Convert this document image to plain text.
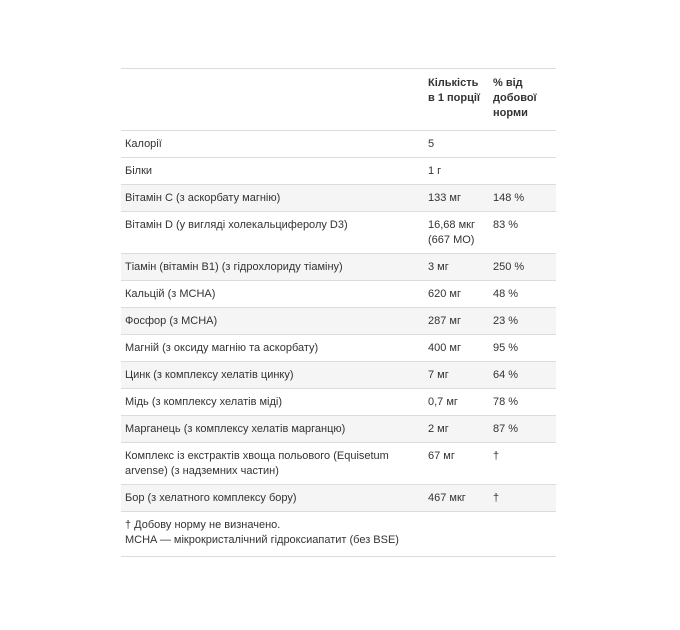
	Кількість в 1 порції	% від добової норми
Калорії	5	
Білки	1 г	
Вітамін C (з аскорбату магнію)	133 мг	148 %
Вітамін D (у вигляді холекальциферолу D3)	16,68 мкг (667 МО)	83 %
Тіамін (вітамін B1) (з гідрохлориду тіаміну)	3 мг	250 %
Кальцій (з MCHA)	620 мг	48 %
Фосфор (з MCHA)	287 мг	23 %
Магній (з оксиду магнію та аскорбату)	400 мг	95 %
Цинк (з комплексу хелатів цинку)	7 мг	64 %
Мідь (з комплексу хелатів міді)	0,7 мг	78 %
Марганець (з комплексу хелатів марганцю)	2 мг	87 %
Комплекс із екстрактів хвоща польового (Equisetum arvense) (з надземних частин)	67 мг	†
Бор (з хелатного комплексу бору)	467 мкг	†

† Добову норму не визначено.
MCHA — мікрокристалічний гідроксиапатит (без BSE)		
